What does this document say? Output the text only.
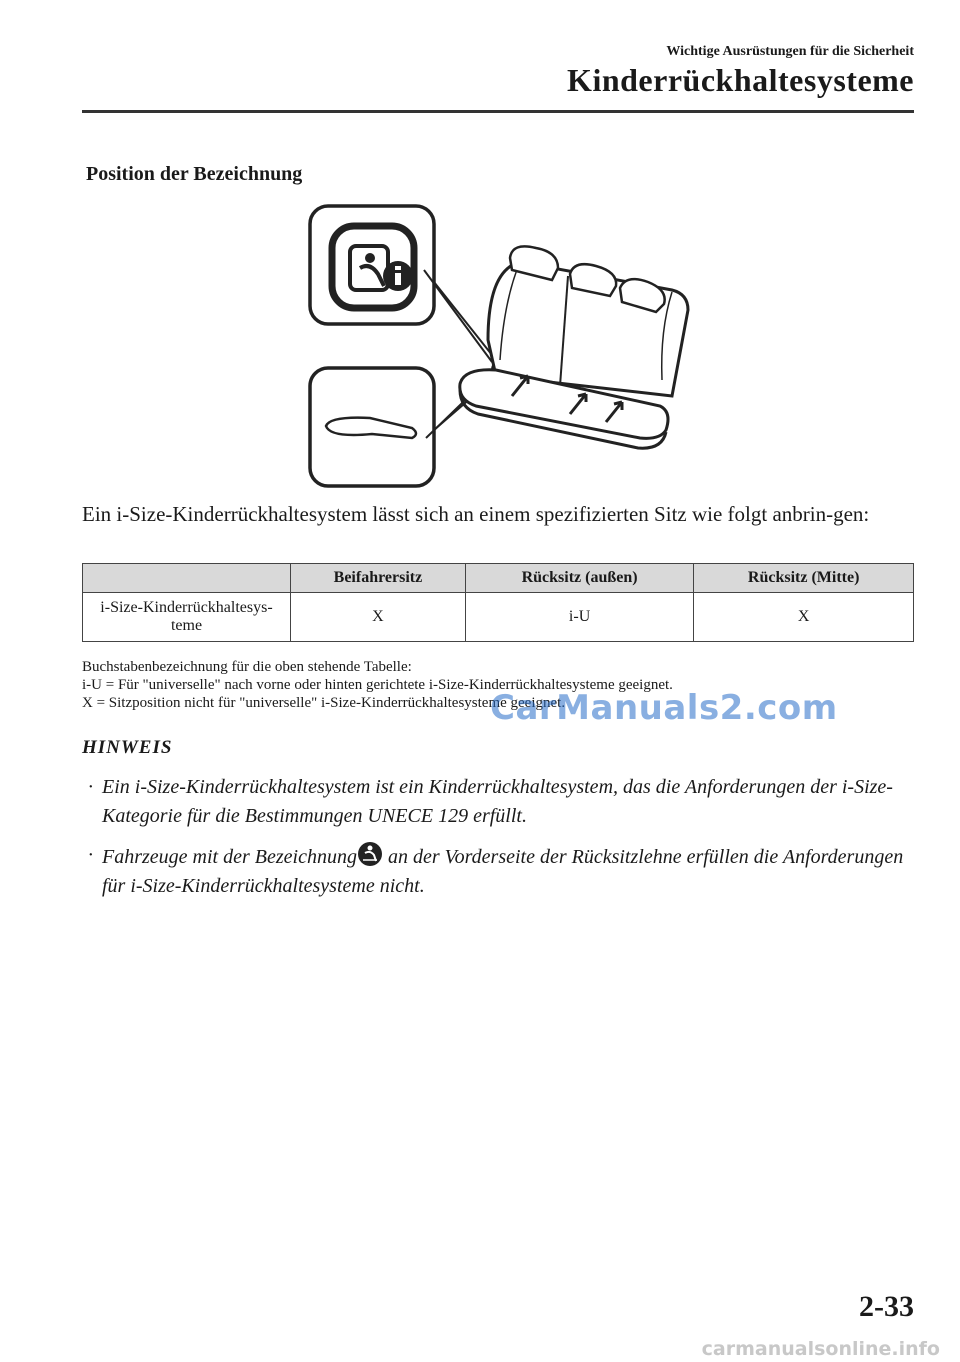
Wichtige Ausrüstungen für die Sicherheit
Kinderrückhaltesysteme
Position der Bezeichnung
Ein i-Size-Kinderrückhaltesystem lässt sich an einem spezifizierten Sitz wie folgt anbrin-gen:
	Beifahrersitz	Rücksitz (außen)	Rücksitz (Mitte)
i-Size-Kinderrückhaltesys-teme	X	i-U	X
Buchstabenbezeichnung für die oben stehende Tabelle:
i-U = Für "universelle" nach vorne oder hinten gerichtete i-Size-Kinderrückhaltesysteme geeignet.
X = Sitzposition nicht für "universelle" i-Size-Kinderrückhaltesysteme geeignet.
HINWEIS
· Ein i-Size-Kinderrückhaltesystem ist ein Kinderrückhaltesystem, das die Anforderungen der i-Size-Kategorie für die Bestimmungen UNECE 129 erfüllt.
· Fahrzeuge mit der Bezeichnung an der Vorderseite der Rücksitzlehne erfüllen die Anforderungen für i-Size-Kinderrückhaltesysteme nicht.
CarManuals2.com
2-33
carmanualsonline.info
